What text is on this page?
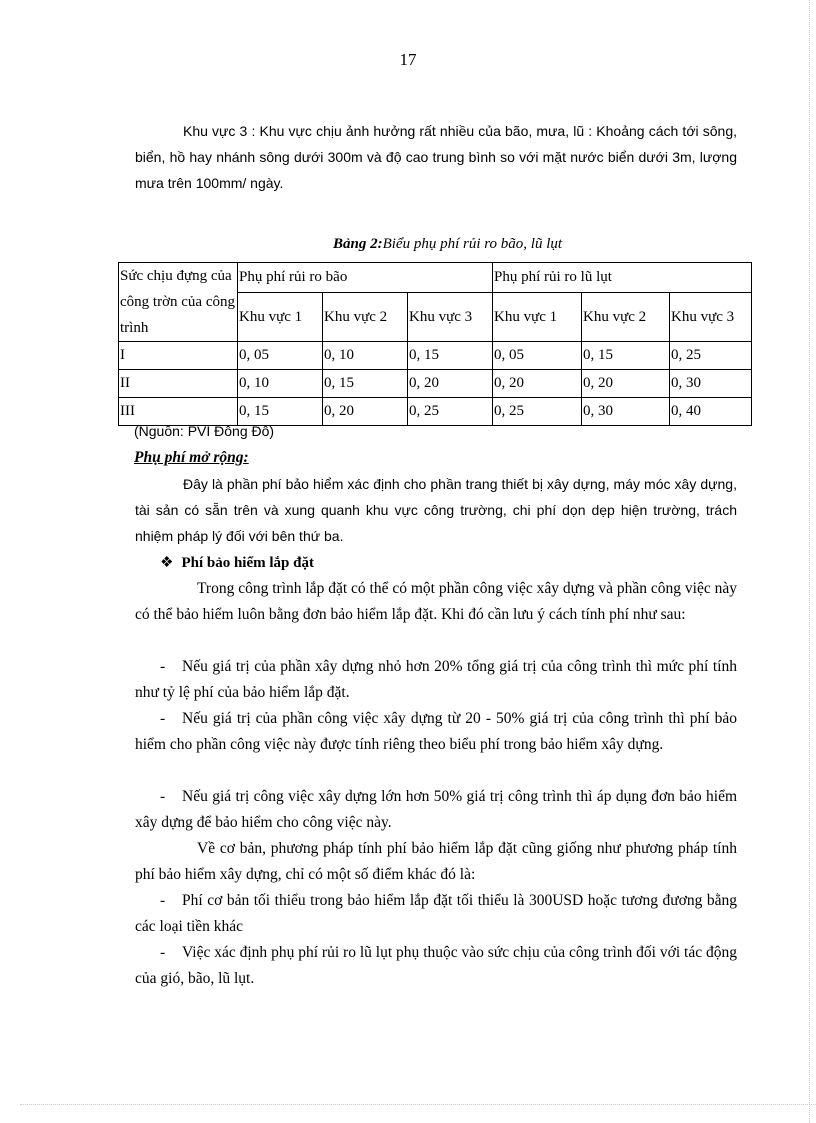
17

Khu vực 3 : Khu vực chịu ảnh hưởng rất nhiều của bão, mưa, lũ : Khoảng cách tới sông, biển, hồ hay nhánh sông dưới 300m và độ cao trung bình so với mặt nước biển dưới 3m, lượng mưa trên 100mm/ ngày.

Bảng 2:Biểu phụ phí rủi ro bão, lũ lụt
Sức chịu đựng của công trờn của công trình	Phụ phí rủi ro bão			Phụ phí rủi ro lũ lụt		
	Khu vực 1	Khu vực 2	Khu vực 3	Khu vực 1	Khu vực 2	Khu vực 3
I	0, 05	0, 10	0, 15	0, 05	0, 15	0, 25
II	0, 10	0, 15	0, 20	0, 20	0, 20	0, 30
III	0, 15	0, 20	0, 25	0, 25	0, 30	0, 40
(Nguồn: PVI Đông Đô)
Phụ phí mở rộng:

Đây là phần phí bảo hiểm xác định cho phần trang thiết bị xây dựng, máy móc xây dựng, tài sản có sẵn trên và xung quanh khu vực công trường, chi phí dọn dẹp hiện trường, trách nhiệm pháp lý đối với bên thứ ba.

❖ Phí bảo hiểm lắp đặt

Trong công trình lắp đặt có thể có một phần công việc xây dựng và phần công việc này có thể bảo hiểm luôn bằng đơn bảo hiểm lắp đặt. Khi đó cần lưu ý cách tính phí như sau:

- Nếu giá trị của phần xây dựng nhỏ hơn 20% tổng giá trị của công trình thì mức phí tính như tỷ lệ phí của bảo hiểm lắp đặt.
- Nếu giá trị của phần công việc xây dựng từ 20 - 50% giá trị của công trình thì phí bảo hiểm cho phần công việc này được tính riêng theo biểu phí trong bảo hiểm xây dựng.
- Nếu giá trị công việc xây dựng lớn hơn 50% giá trị công trình thì áp dụng đơn bảo hiểm xây dựng để bảo hiểm cho công việc này.

Về cơ bản, phương pháp tính phí bảo hiểm lắp đặt cũng giống như phương pháp tính phí bảo hiểm xây dựng, chỉ có một số điểm khác đó là:

- Phí cơ bản tối thiểu trong bảo hiểm lắp đặt tối thiểu là 300USD hoặc tương đương bằng các loại tiền khác
- Việc xác định phụ phí rủi ro lũ lụt phụ thuộc vào sức chịu của công trình đối với tác động của gió, bão, lũ lụt.
